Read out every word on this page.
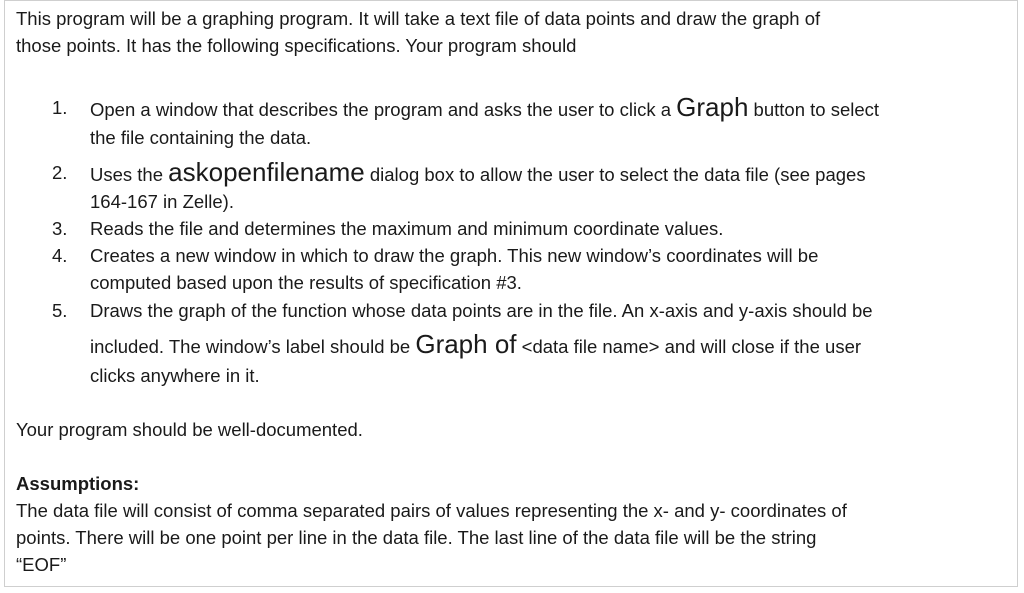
This program will be a graphing program. It will take a text file of data points and draw the graph of
those points. It has the following specifications. Your program should
1. Open a window that describes the program and asks the user to click a Graph button to select
the file containing the data.
2. Uses the askopenfilename dialog box to allow the user to select the data file (see pages
164-167 in Zelle).
3. Reads the file and determines the maximum and minimum coordinate values.
4. Creates a new window in which to draw the graph. This new window’s coordinates will be
computed based upon the results of specification #3.
5. Draws the graph of the function whose data points are in the file. An x-axis and y-axis should be
included. The window’s label should be Graph of <data file name> and will close if the user
clicks anywhere in it.
Your program should be well-documented.
Assumptions:
The data file will consist of comma separated pairs of values representing the x- and y- coordinates of
points. There will be one point per line in the data file. The last line of the data file will be the string
“EOF”
